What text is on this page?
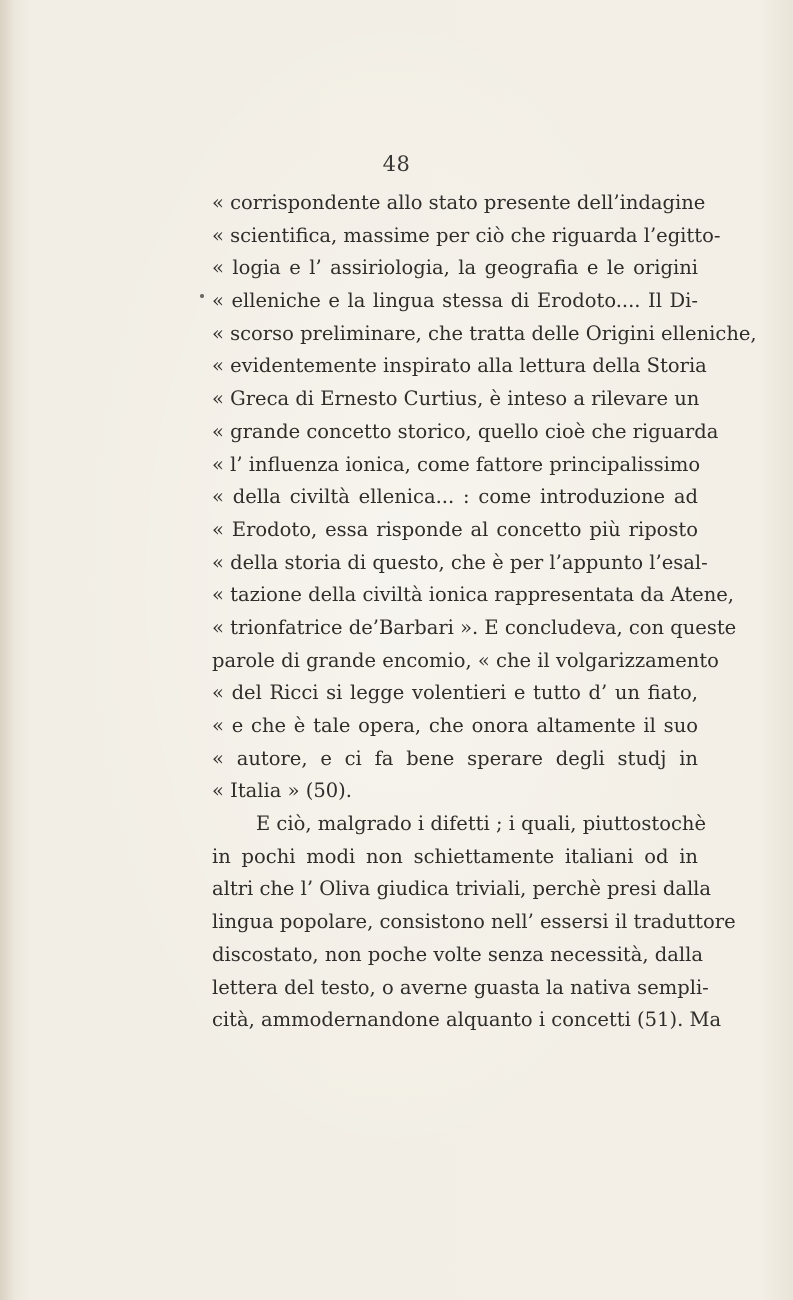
48
« corrispondente allo stato presente dell’indagine
« scientifica, massime per ciò che riguarda l’egitto-
« logia e l’ assiriologia, la geografia e le origini
« elleniche e la lingua stessa di Erodoto.... Il Di-
« scorso preliminare, che tratta delle Origini elleniche,
« evidentemente inspirato alla lettura della Storia
« Greca di Ernesto Curtius, è inteso a rilevare un
« grande concetto storico, quello cioè che riguarda
« l’ influenza ionica, come fattore principalissimo
« della civiltà ellenica... : come introduzione ad
« Erodoto, essa risponde al concetto più riposto
« della storia di questo, che è per l’appunto l’esal-
« tazione della civiltà ionica rappresentata da Atene,
« trionfatrice de’Barbari ». E concludeva, con queste
parole di grande encomio, « che il volgarizzamento
« del Ricci si legge volentieri e tutto d’ un fiato,
« e che è tale opera, che onora altamente il suo
« autore, e ci fa bene sperare degli studj in
« Italia » (50).
E ciò, malgrado i difetti ; i quali, piuttostochè
in pochi modi non schiettamente italiani od in
altri che l’ Oliva giudica triviali, perchè presi dalla
lingua popolare, consistono nell’ essersi il traduttore
discostato, non poche volte senza necessità, dalla
lettera del testo, o averne guasta la nativa sempli-
cità, ammodernandone alquanto i concetti (51). Ma
